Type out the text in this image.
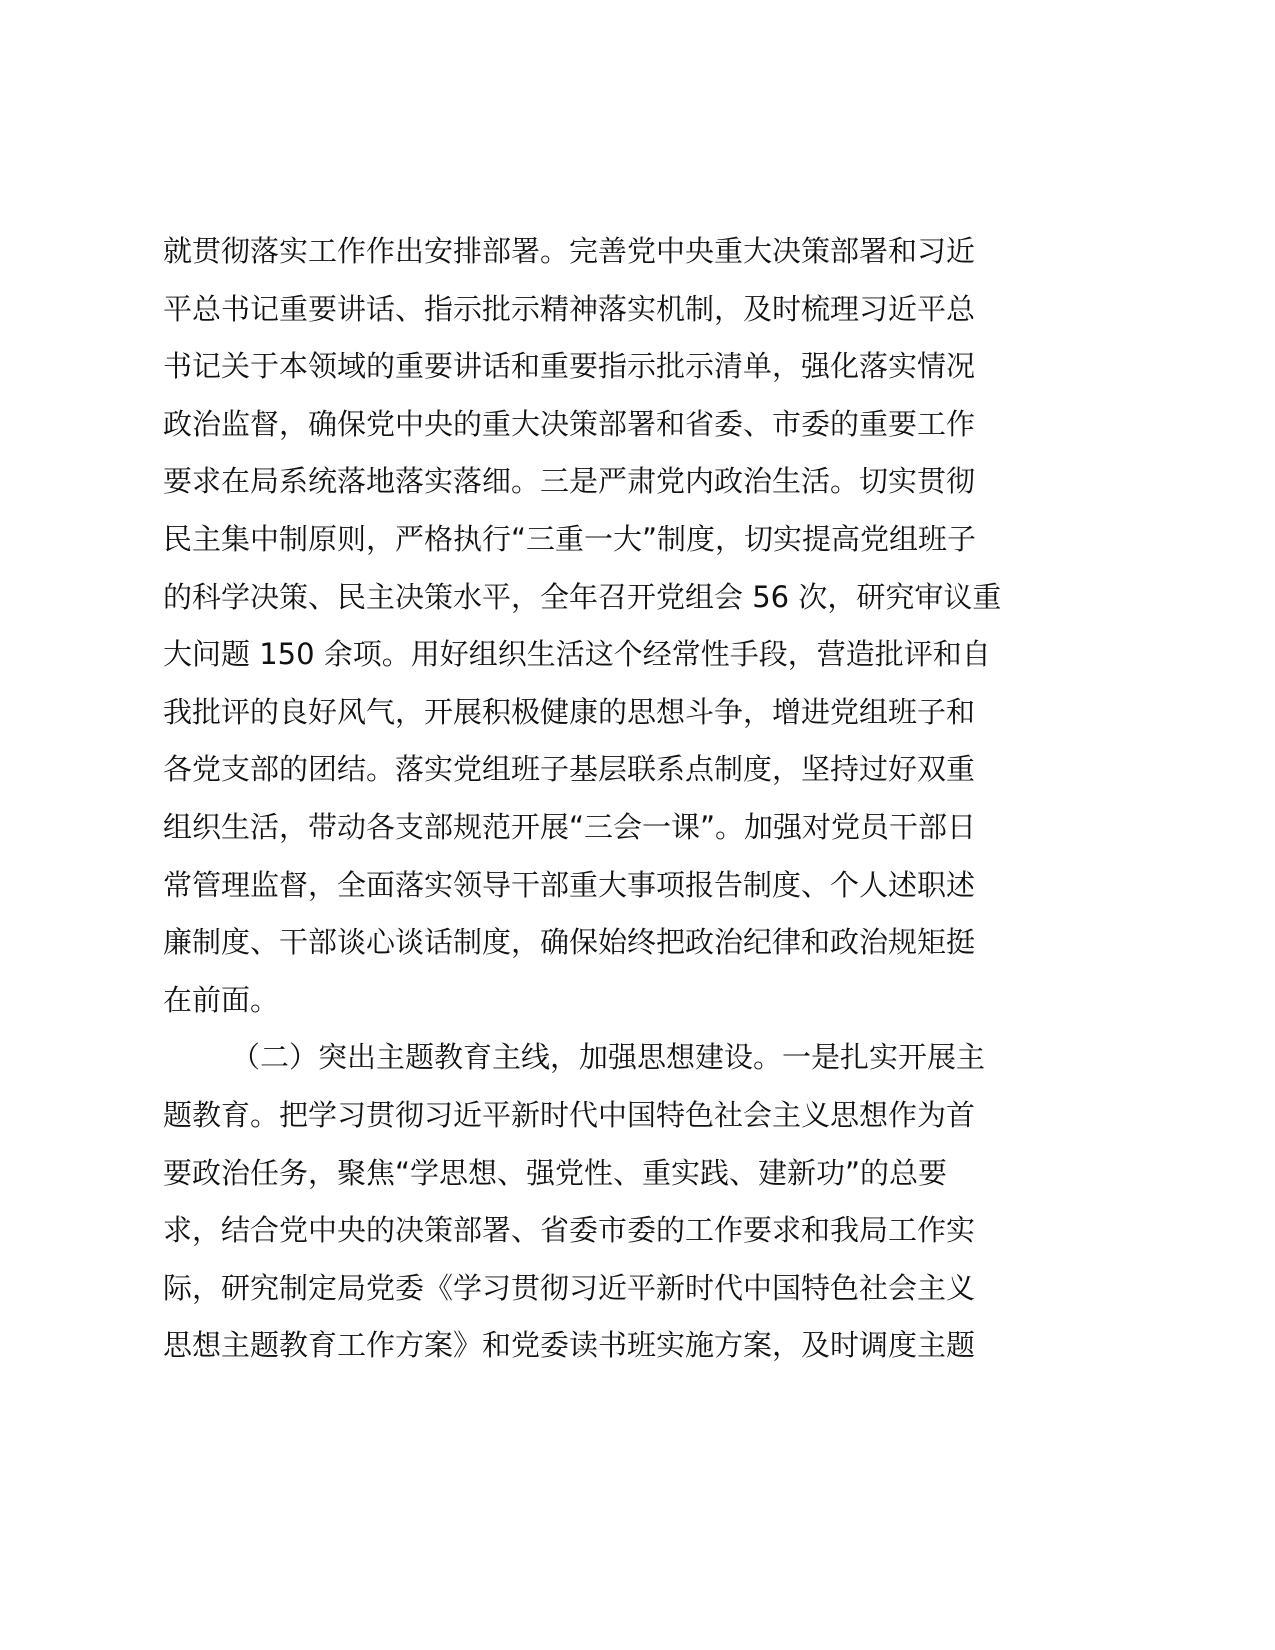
就贯彻落实工作作出安排部署。完善党中央重大决策部署和习近
平总书记重要讲话、指示批示精神落实机制，及时梳理习近平总
书记关于本领域的重要讲话和重要指示批示清单，强化落实情况
政治监督，确保党中央的重大决策部署和省委、市委的重要工作
要求在局系统落地落实落细。三是严肃党内政治生活。切实贯彻
民主集中制原则，严格执行“三重一大”制度，切实提高党组班子
的科学决策、民主决策水平，全年召开党组会 56 次，研究审议重
大问题 150 余项。用好组织生活这个经常性手段，营造批评和自
我批评的良好风气，开展积极健康的思想斗争，增进党组班子和
各党支部的团结。落实党组班子基层联系点制度，坚持过好双重
组织生活，带动各支部规范开展“三会一课”。加强对党员干部日
常管理监督，全面落实领导干部重大事项报告制度、个人述职述
廉制度、干部谈心谈话制度，确保始终把政治纪律和政治规矩挺
在前面。
（二）突出主题教育主线，加强思想建设。一是扎实开展主
题教育。把学习贯彻习近平新时代中国特色社会主义思想作为首
要政治任务，聚焦“学思想、强党性、重实践、建新功”的总要
求，结合党中央的决策部署、省委市委的工作要求和我局工作实
际，研究制定局党委《学习贯彻习近平新时代中国特色社会主义
思想主题教育工作方案》和党委读书班实施方案，及时调度主题
